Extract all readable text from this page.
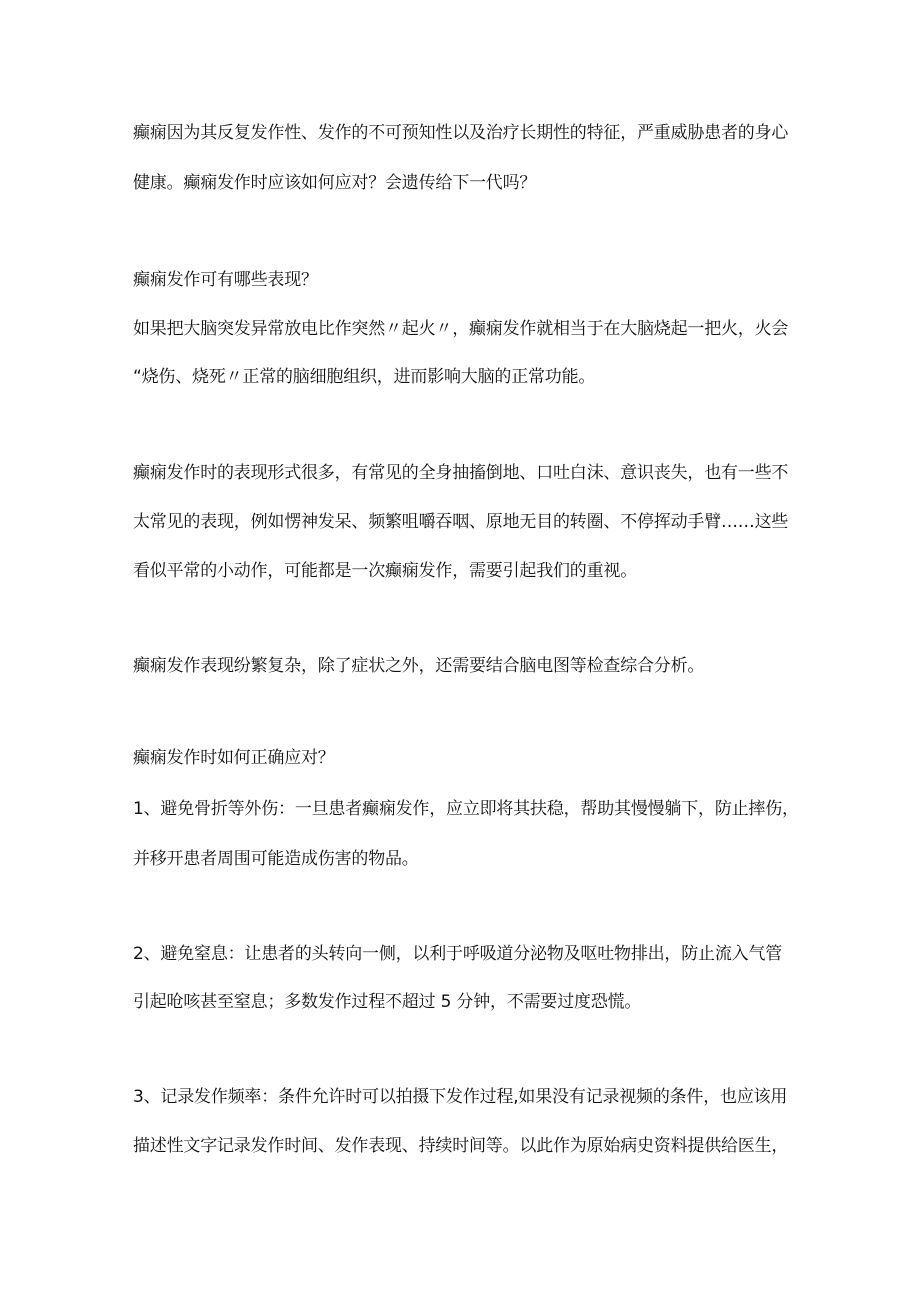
癫痫因为其反复发作性、发作的不可预知性以及治疗长期性的特征，严重威胁患者的身心
健康。癫痫发作时应该如何应对？会遗传给下一代吗？
癫痫发作可有哪些表现？
如果把大脑突发异常放电比作突然〃起火〃，癫痫发作就相当于在大脑烧起一把火，火会
“烧伤、烧死〃正常的脑细胞组织，进而影响大脑的正常功能。
癫痫发作时的表现形式很多，有常见的全身抽搐倒地、口吐白沫、意识丧失，也有一些不
太常见的表现，例如愣神发呆、频繁咀嚼吞咽、原地无目的转圈、不停挥动手臂……这些
看似平常的小动作，可能都是一次癫痫发作，需要引起我们的重视。
癫痫发作表现纷繁复杂，除了症状之外，还需要结合脑电图等检查综合分析。
癫痫发作时如何正确应对？
1、避免骨折等外伤：一旦患者癫痫发作，应立即将其扶稳，帮助其慢慢躺下，防止摔伤，
并移开患者周围可能造成伤害的物品。
2、避免窒息：让患者的头转向一侧，以利于呼吸道分泌物及呕吐物排出，防止流入气管
引起呛咳甚至窒息；多数发作过程不超过 5 分钟，不需要过度恐慌。
3、记录发作频率：条件允许时可以拍摄下发作过程,如果没有记录视频的条件，也应该用
描述性文字记录发作时间、发作表现、持续时间等。以此作为原始病史资料提供给医生，
